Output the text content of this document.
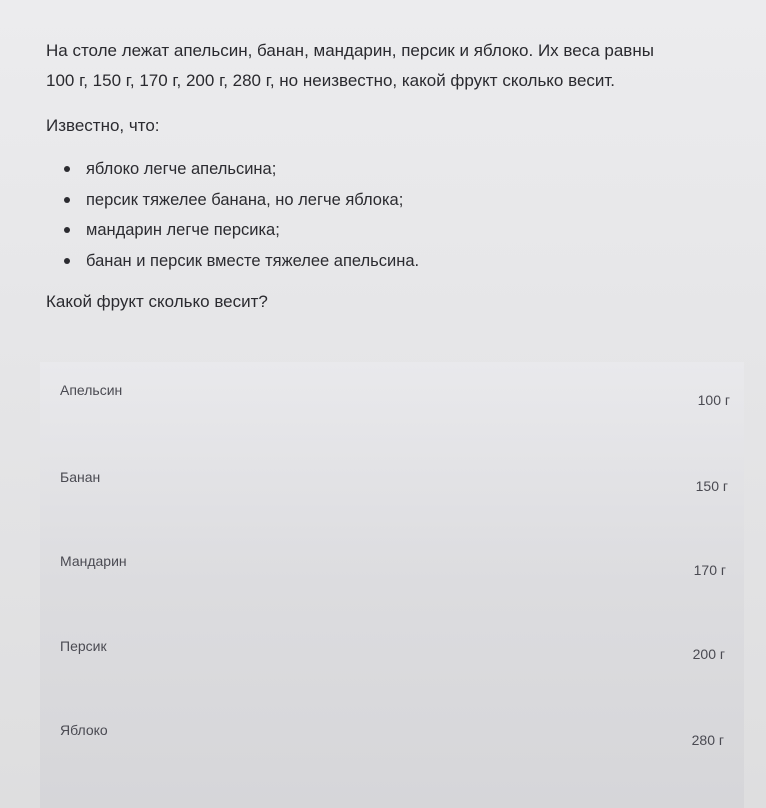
На столе лежат апельсин, банан, мандарин, персик и яблоко. Их веса равны
100 г, 150 г, 170 г, 200 г, 280 г, но неизвестно, какой фрукт сколько весит.

Известно, что:

яблоко легче апельсина;
персик тяжелее банана, но легче яблока;
мандарин легче персика;
банан и персик вместе тяжелее апельсина.

Какой фрукт сколько весит?

Апельсин
100 г
Банан
150 г
Мандарин
170 г
Персик	200 г
Яблоко
280 г
